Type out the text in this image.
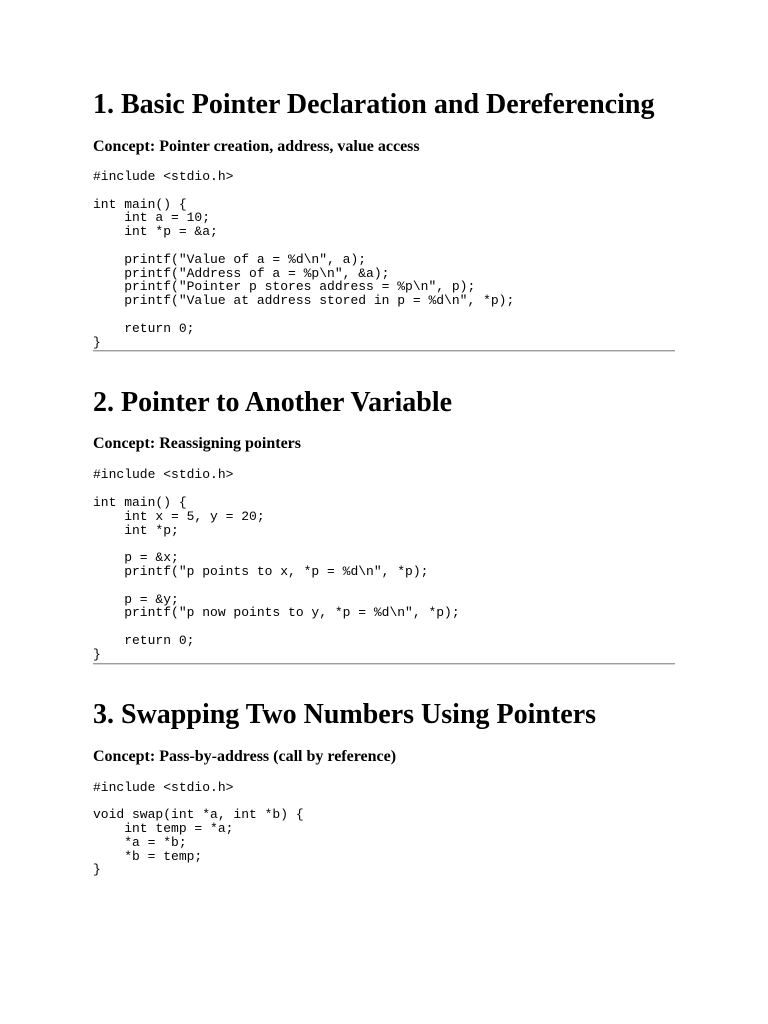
1. Basic Pointer Declaration and Dereferencing

Concept: Pointer creation, address, value access

#include <stdio.h>

int main() {
int a = 10;
int *p = &a;

printf("Value of a = %d\n", a);
printf("Address of a = %p\n", &a);
printf("Pointer p stores address = %p\n", p);
printf("Value at address stored in p = %d\n", *p);

return 0;
}
2. Pointer to Another Variable

Concept: Reassigning pointers

#include <stdio.h>

int main() {
int x = 5, y = 20;
int *p;

p = &x;
printf("p points to x, *p = %d\n", *p);

p = &y;
printf("p now points to y, *p = %d\n", *p);

return 0;
}
3. Swapping Two Numbers Using Pointers

Concept: Pass-by-address (call by reference)

#include <stdio.h>

void swap(int *a, int *b) {
int temp = *a;
*a = *b;
*b = temp;
}
